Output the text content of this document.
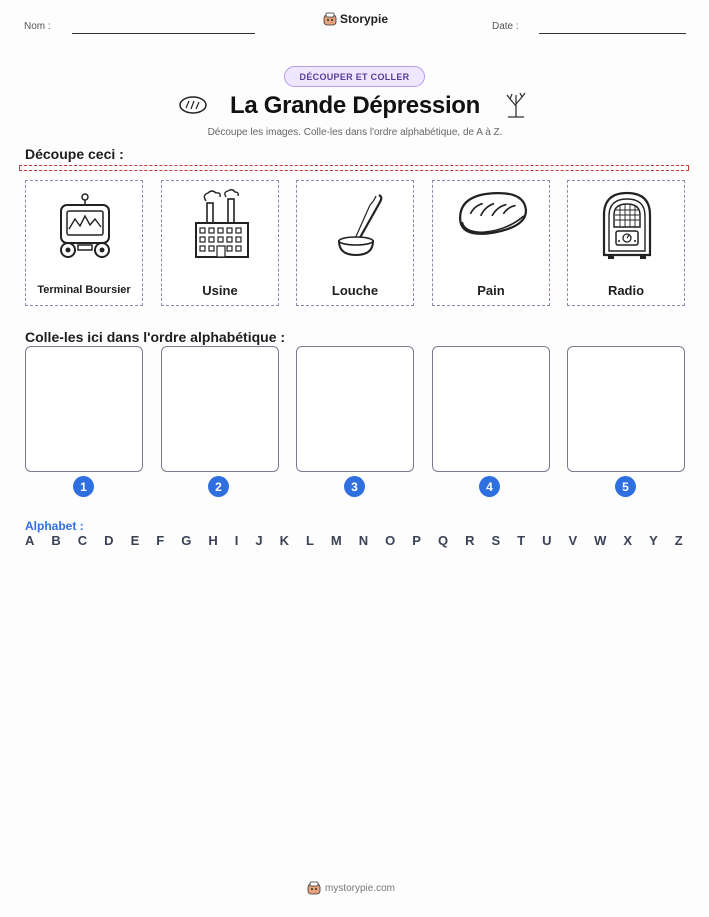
Nom :
Storypie
Date :
DÉCOUPER ET COLLER
La Grande Dépression
Découpe les images. Colle-les dans l'ordre alphabétique, de A à Z.
Découpe ceci :
Terminal Boursier	Usine	Louche	Pain	Radio
Colle-les ici dans l'ordre alphabétique :
1	2	3	4	5
Alphabet :
A B C D E F G H I J K L M N O P Q R S T U V W X Y Z
mystorypie.com
